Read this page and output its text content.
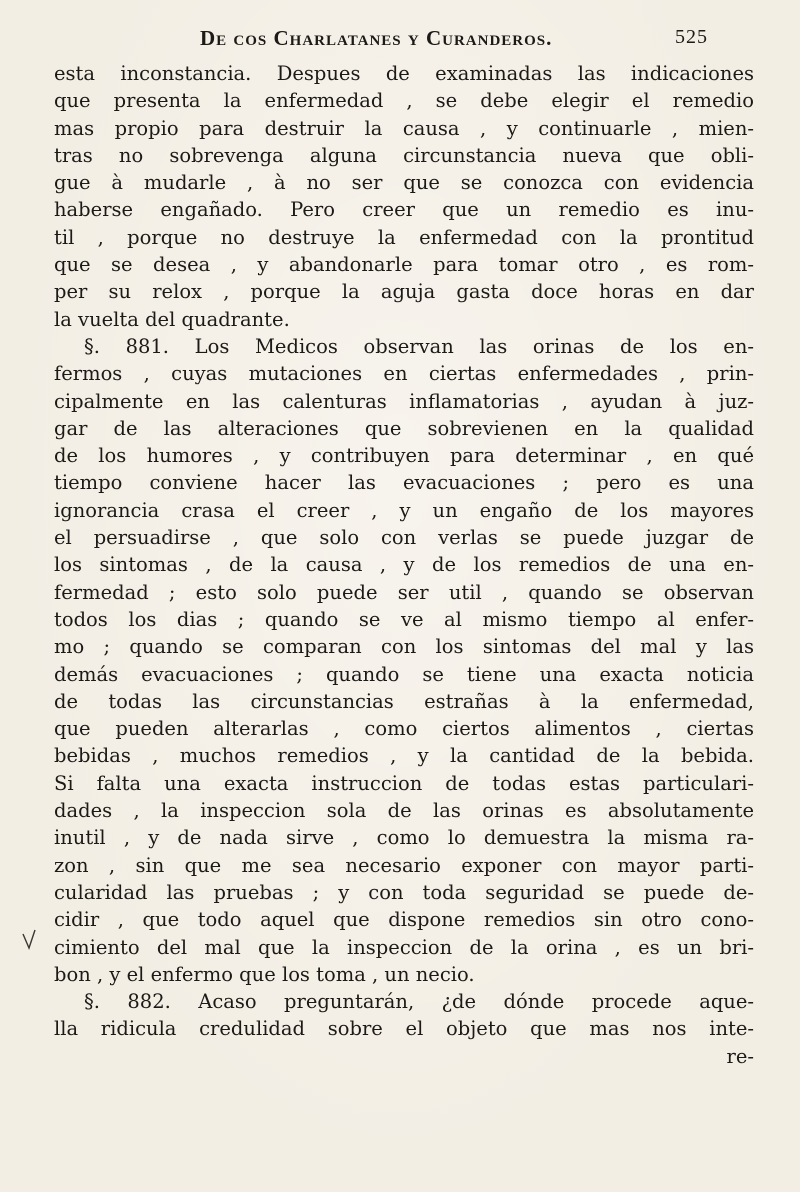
De cos Charlatanes y Curanderos.	525
esta inconstancia. Despues de examinadas las indicaciones
que presenta la enfermedad , se debe elegir el remedio
mas propio para destruir la causa , y continuarle , mien-
tras no sobrevenga alguna circunstancia nueva que obli-
gue à mudarle , à no ser que se conozca con evidencia
haberse engañado. Pero creer que un remedio es inu-
til , porque no destruye la enfermedad con la prontitud
que se desea , y abandonarle para tomar otro , es rom-
per su relox , porque la aguja gasta doce horas en dar
la vuelta del quadrante.
§. 881. Los Medicos observan las orinas de los en-
fermos , cuyas mutaciones en ciertas enfermedades , prin-
cipalmente en las calenturas inflamatorias , ayudan à juz-
gar de las alteraciones que sobrevienen en la qualidad
de los humores , y contribuyen para determinar , en qué
tiempo conviene hacer las evacuaciones ; pero es una
ignorancia crasa el creer , y un engaño de los mayores
el persuadirse , que solo con verlas se puede juzgar de
los sintomas , de la causa , y de los remedios de una en-
fermedad ; esto solo puede ser util , quando se observan
todos los dias ; quando se ve al mismo tiempo al enfer-
mo ; quando se comparan con los sintomas del mal y las
demás evacuaciones ; quando se tiene una exacta noticia
de todas las circunstancias estrañas à la enfermedad,
que pueden alterarlas , como ciertos alimentos , ciertas
bebidas , muchos remedios , y la cantidad de la bebida.
Si falta una exacta instruccion de todas estas particulari-
dades , la inspeccion sola de las orinas es absolutamente
inutil , y de nada sirve , como lo demuestra la misma ra-
zon , sin que me sea necesario exponer con mayor parti-
cularidad las pruebas ; y con toda seguridad se puede de-
cidir , que todo aquel que dispone remedios sin otro cono-
cimiento del mal que la inspeccion de la orina , es un bri-
bon , y el enfermo que los toma , un necio.
§. 882. Acaso preguntarán, ¿de dónde procede aque-
lla ridicula credulidad sobre el objeto que mas nos inte-
re-
